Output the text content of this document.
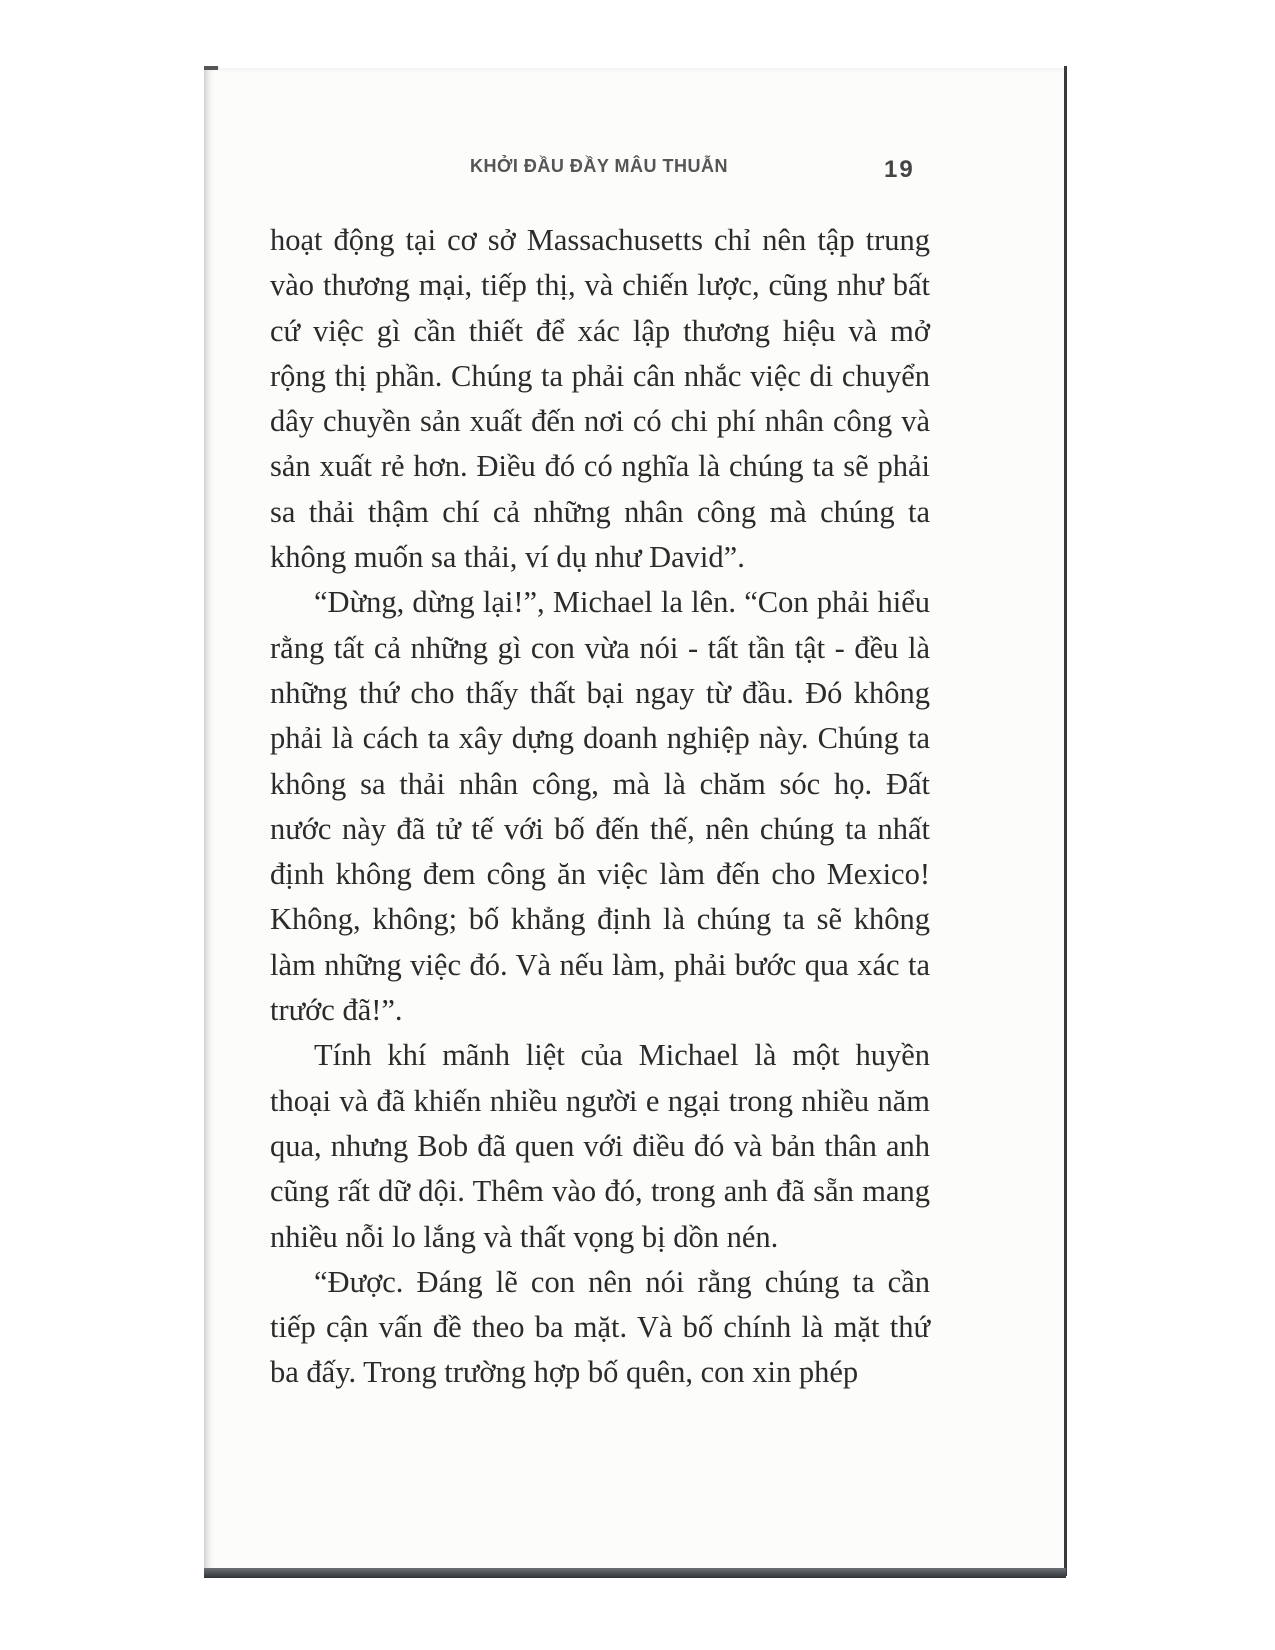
KHỞI ĐẦU ĐẦY MÂU THUẪN	19

hoạt động tại cơ sở Massachusetts chỉ nên tập trung vào thương mại, tiếp thị, và chiến lược, cũng như bất cứ việc gì cần thiết để xác lập thương hiệu và mở rộng thị phần. Chúng ta phải cân nhắc việc di chuyển dây chuyền sản xuất đến nơi có chi phí nhân công và sản xuất rẻ hơn. Điều đó có nghĩa là chúng ta sẽ phải sa thải thậm chí cả những nhân công mà chúng ta không muốn sa thải, ví dụ như David”.

“Dừng, dừng lại!”, Michael la lên. “Con phải hiểu rằng tất cả những gì con vừa nói - tất tần tật - đều là những thứ cho thấy thất bại ngay từ đầu. Đó không phải là cách ta xây dựng doanh nghiệp này. Chúng ta không sa thải nhân công, mà là chăm sóc họ. Đất nước này đã tử tế với bố đến thế, nên chúng ta nhất định không đem công ăn việc làm đến cho Mexico! Không, không; bố khẳng định là chúng ta sẽ không làm những việc đó. Và nếu làm, phải bước qua xác ta trước đã!”.

Tính khí mãnh liệt của Michael là một huyền thoại và đã khiến nhiều người e ngại trong nhiều năm qua, nhưng Bob đã quen với điều đó và bản thân anh cũng rất dữ dội. Thêm vào đó, trong anh đã sẵn mang nhiều nỗi lo lắng và thất vọng bị dồn nén.

“Được. Đáng lẽ con nên nói rằng chúng ta cần tiếp cận vấn đề theo ba mặt. Và bố chính là mặt thứ ba đấy. Trong trường hợp bố quên, con xin phép
